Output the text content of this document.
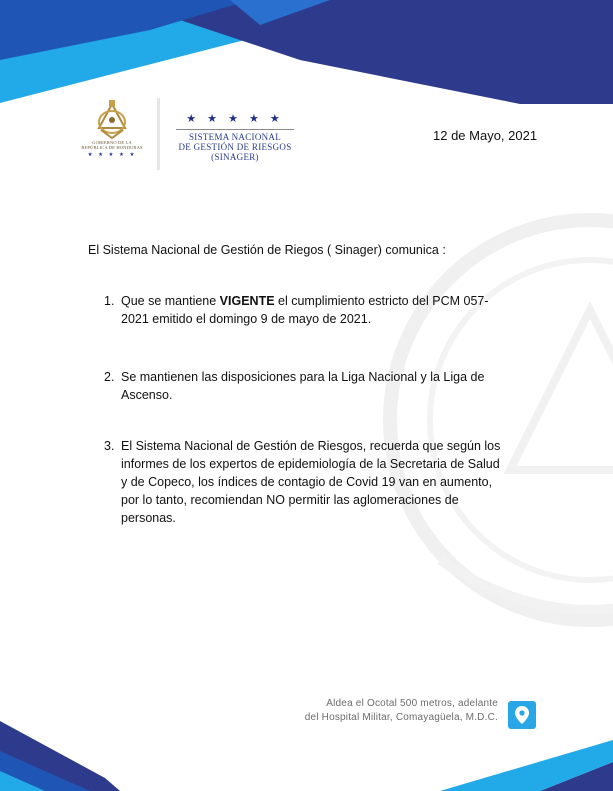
GOBIERNO DE LA
REPÚBLICA DE HONDURAS
★ ★ ★ ★ ★
★ ★ ★ ★ ★
SISTEMA NACIONAL
DE GESTIÓN DE RIESGOS
(SINAGER)
12 de Mayo, 2021
El Sistema Nacional de Gestión de Riegos ( Sinager) comunica :
1. Que se mantiene VIGENTE el cumplimiento estricto del PCM 057-2021 emitido el domingo 9 de mayo de 2021.
2. Se mantienen las disposiciones para la Liga Nacional y la Liga de Ascenso.
3. El Sistema Nacional de Gestión de Riesgos, recuerda que según los informes de los expertos de epidemiología de la Secretaria de Salud y de Copeco, los índices de contagio de Covid 19 van en aumento, por lo tanto, recomiendan NO permitir las aglomeraciones de personas.
Aldea el Ocotal 500 metros, adelante
del Hospital Militar, Comayagüela, M.D.C.
